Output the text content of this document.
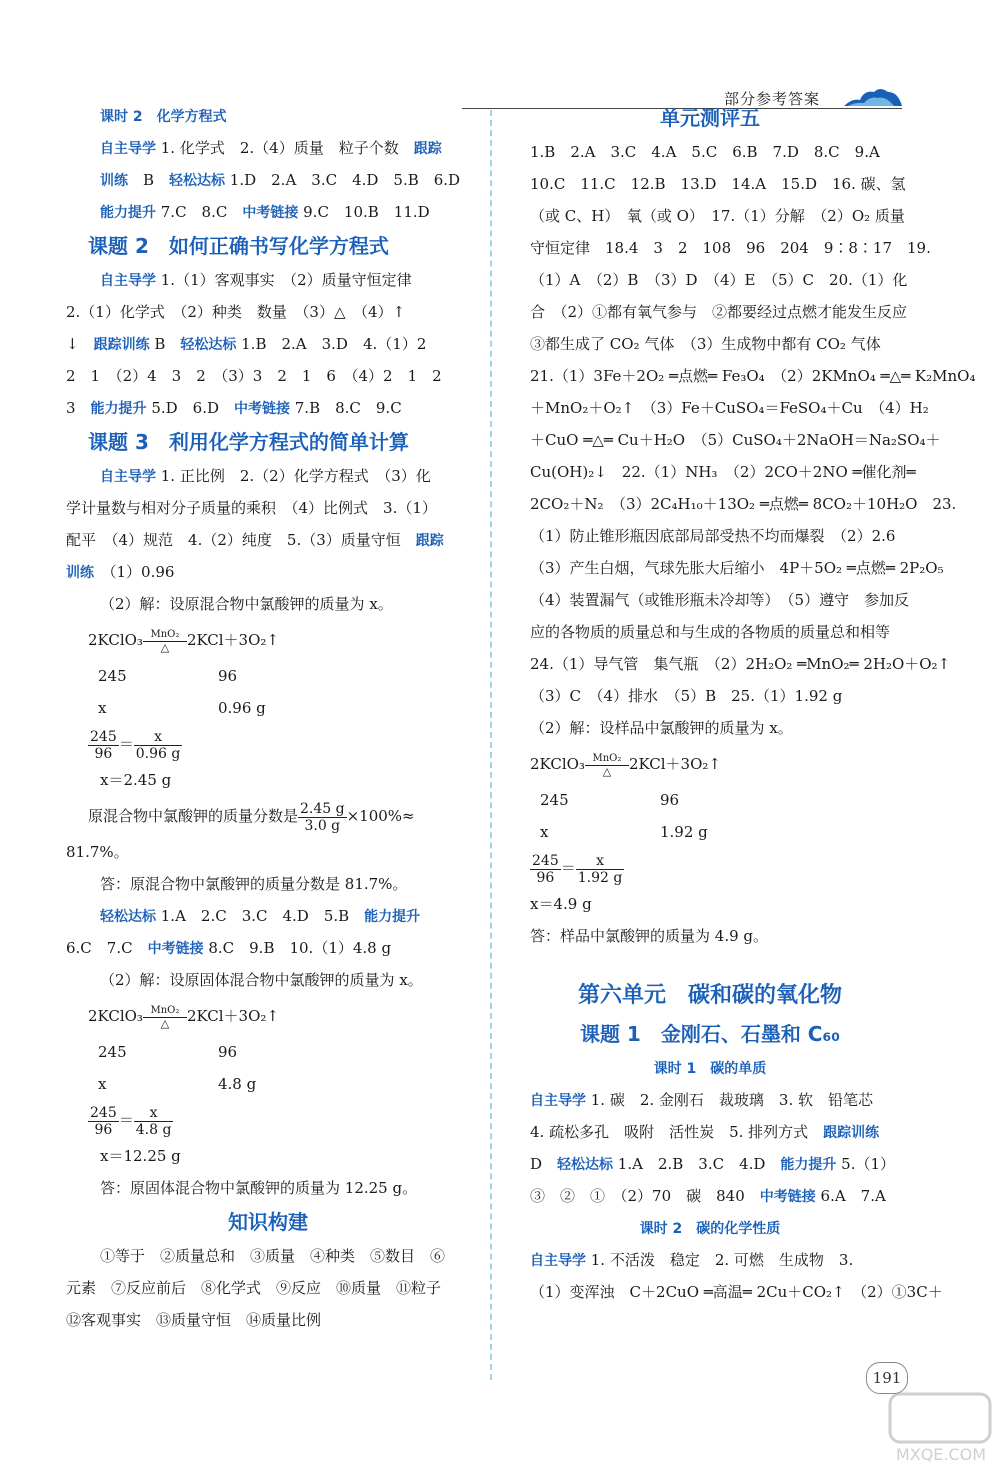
部分参考答案
课时 2　化学方程式
自主导学 1. 化学式　2.（4）质量　粒子个数　跟踪
训练　B　轻松达标 1.D　2.A　3.C　4.D　5.B　6.D
能力提升 7.C　8.C　中考链接 9.C　10.B　11.D
课题 2　如何正确书写化学方程式
自主导学 1.（1）客观事实　（2）质量守恒定律
2.（1）化学式　（2）种类　数量　（3）△　（4）↑
↓　跟踪训练 B　轻松达标 1.B　2.A　3.D　4.（1）2
2　1　（2）4　3　2　（3）3　2　1　6　（4）2　1　2
3　能力提升 5.D　6.D　中考链接 7.B　8.C　9.C
课题 3　利用化学方程式的简单计算
自主导学 1. 正比例　2.（2）化学方程式　（3）化
学计量数与相对分子质量的乘积　（4）比例式　3.（1）
配平　（4）规范　4.（2）纯度　5.（3）质量守恒　跟踪
训练　（1）0.96
（2）解：设原混合物中氯酸钾的质量为 x。
2KClO₃ MnO₂
△	2KCl＋3O₂↑
245	96
x	0.96 g
$\frac{245}{96} = \frac{x}{0.96 g}$
x＝2.45 g
原混合物中氯酸钾的质量分数是 $\frac{2.45 g}{3.0 g} \times 100\%\approx$
81.7%。
答：原混合物中氯酸钾的质量分数是 81.7%。
轻松达标 1.A　2.C　3.C　4.D　5.B　能力提升
6.C　7.C　中考链接 8.C　9.B　10.（1）4.8 g
（2）解：设原固体混合物中氯酸钾的质量为 x。
2KClO₃ MnO₂
△	2KCl＋3O₂↑
245	96
x	4.8 g
$\frac{245}{96} = \frac{x}{4.8 g}$
x＝12.25 g
答：原固体混合物中氯酸钾的质量为 12.25 g。
知识构建
①等于　②质量总和　③质量　④种类　⑤数目　⑥
元素　⑦反应前后　⑧化学式　⑨反应　⑩质量　⑪粒子
⑫客观事实　⑬质量守恒　⑭质量比例
单元测评五
1.B　2.A　3.C　4.A　5.C　6.B　7.D　8.C　9.A
10.C　11.C　12.B　13.D　14.A　15.D　16. 碳、氢
（或 C、H）　氧（或 O）　17.（1）分解　（2）O₂ 质量
守恒定律　18.4　3　2　108　96　204　9∶8∶17　19.
（1）A　（2）B　（3）D　（4）E　（5）C　20.（1）化
合　（2）①都有氧气参与　②都要经过点燃才能发生反应
③都生成了 CO₂ 气体　（3）生成物中都有 CO₂ 气体
21.（1）3Fe＋2O₂ ═点燃═ Fe₃O₄　（2）2KMnO₄ ═△═ K₂MnO₄
＋MnO₂＋O₂↑　（3）Fe＋CuSO₄＝FeSO₄＋Cu　（4）H₂
＋CuO ═△═ Cu＋H₂O　（5）CuSO₄＋2NaOH＝Na₂SO₄＋
Cu(OH)₂↓　22.（1）NH₃　（2）2CO＋2NO ═催化剂═
2CO₂＋N₂　（3）2C₄H₁₀＋13O₂ ═点燃═ 8CO₂＋10H₂O　23.
（1）防止锥形瓶因底部局部受热不均而爆裂　（2）2.6
（3）产生白烟，气球先胀大后缩小　4P＋5O₂ ═点燃═ 2P₂O₅
（4）装置漏气（或锥形瓶未冷却等）　（5）遵守　参加反
应的各物质的质量总和与生成的各物质的质量总和相等
24.（1）导气管　集气瓶　（2）2H₂O₂ ═MnO₂═ 2H₂O＋O₂↑
（3）C　（4）排水　（5）B　25.（1）1.92 g
（2）解：设样品中氯酸钾的质量为 x。
2KClO₃ MnO₂
△	2KCl＋3O₂↑
245	96
x	1.92 g
$\frac{245}{96} = \frac{x}{1.92 g}$
x＝4.9 g
答：样品中氯酸钾的质量为 4.9 g。
第六单元　碳和碳的氧化物
课题 1　金刚石、石墨和 C₆₀
课时 1　碳的单质
自主导学 1. 碳　2. 金刚石　裁玻璃　3. 软　铅笔芯
4. 疏松多孔　吸附　活性炭　5. 排列方式　跟踪训练
D　轻松达标 1.A　2.B　3.C　4.D　能力提升 5.（1）
③　②　①　（2）70　碳　840　中考链接 6.A　7.A
课时 2　碳的化学性质
自主导学 1. 不活泼　稳定　2. 可燃　生成物　3.
（1）变浑浊　C＋2CuO ═高温═ 2Cu＋CO₂↑　（2）①3C＋
191
MXQE.COM
